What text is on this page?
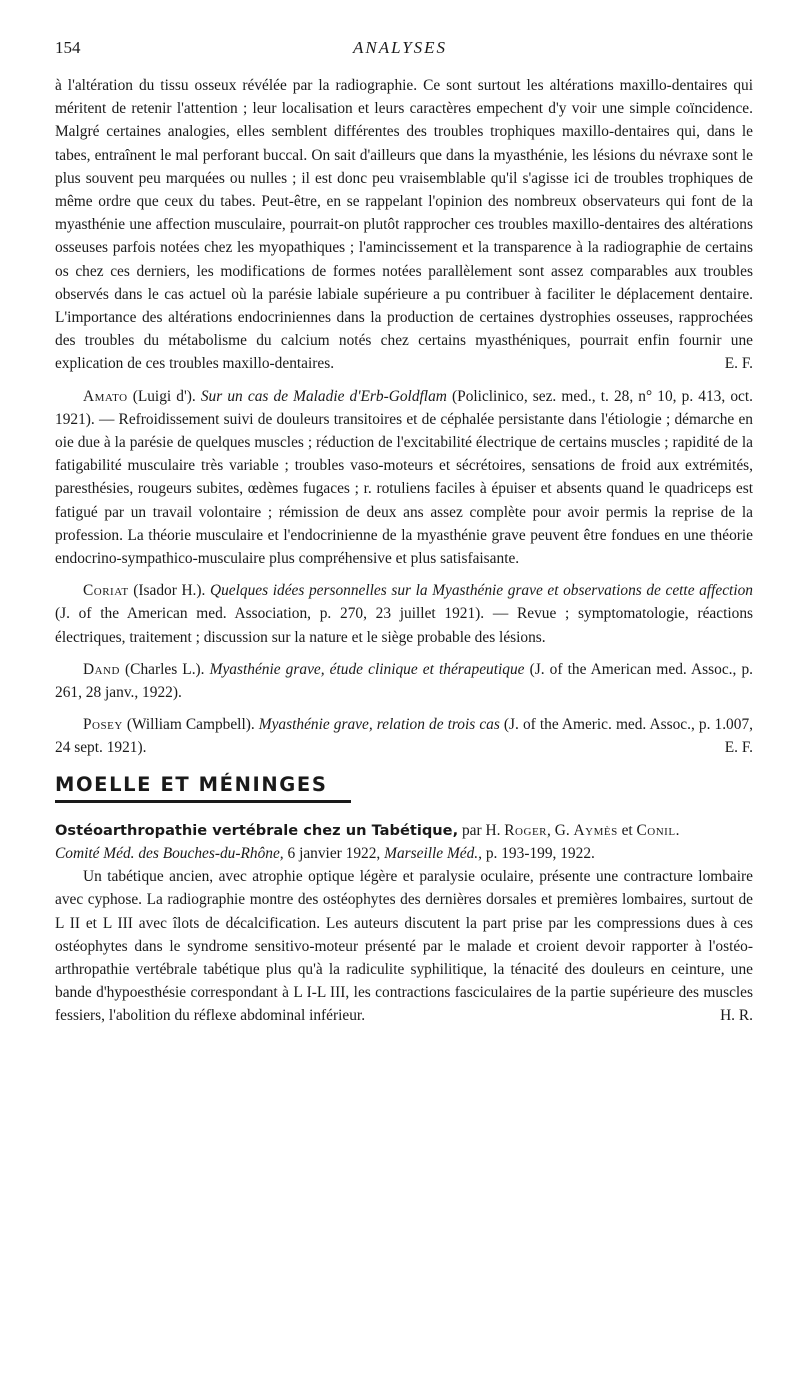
154	ANALYSES

à l'altération du tissu osseux révélée par la radiographie. Ce sont surtout les altérations maxillo-dentaires qui méritent de retenir l'attention ; leur localisation et leurs caractères empechent d'y voir une simple coïncidence. Malgré certaines analogies, elles semblent différentes des troubles trophiques maxillo-dentaires qui, dans le tabes, entraînent le mal perforant buccal. On sait d'ailleurs que dans la myasthénie, les lésions du névraxe sont le plus souvent peu marquées ou nulles ; il est donc peu vraisemblable qu'il s'agisse ici de troubles trophiques de même ordre que ceux du tabes. Peut-être, en se rappelant l'opinion des nombreux observateurs qui font de la myasthénie une affection musculaire, pourrait-on plutôt rapprocher ces troubles maxillo-dentaires des altérations osseuses parfois notées chez les myopathiques ; l'amincissement et la transparence à la radiographie de certains os chez ces derniers, les modifications de formes notées parallèlement sont assez comparables aux troubles observés dans le cas actuel où la parésie labiale supérieure a pu contribuer à faciliter le déplacement dentaire. L'importance des altérations endocriniennes dans la production de certaines dystrophies osseuses, rapprochées des troubles du métabolisme du calcium notés chez certains myasthéniques, pourrait enfin fournir une explication de ces troubles maxillo-dentaires.	E. F.

Amato (Luigi d'). Sur un cas de Maladie d'Erb-Goldflam (Policlinico, sez. med., t. 28, n° 10, p. 413, oct. 1921). — Refroidissement suivi de douleurs transitoires et de céphalée persistante dans l'étiologie ; démarche en oie due à la parésie de quelques muscles ; réduction de l'excitabilité électrique de certains muscles ; rapidité de la fatigabilité musculaire très variable ; troubles vaso-moteurs et sécrétoires, sensations de froid aux extrémités, paresthésies, rougeurs subites, œdèmes fugaces ; r. rotuliens faciles à épuiser et absents quand le quadriceps est fatigué par un travail volontaire ; rémission de deux ans assez complète pour avoir permis la reprise de la profession. La théorie musculaire et l'endocrinienne de la myasthénie grave peuvent être fondues en une théorie endocrino-sympathico-musculaire plus compréhensive et plus satisfaisante.

Coriat (Isador H.). Quelques idées personnelles sur la Myasthénie grave et observations de cette affection (J. of the American med. Association, p. 270, 23 juillet 1921). — Revue ; symptomatologie, réactions électriques, traitement ; discussion sur la nature et le siège probable des lésions.

Dand (Charles L.). Myasthénie grave, étude clinique et thérapeutique (J. of the American med. Assoc., p. 261, 28 janv., 1922).

Posey (William Campbell). Myasthénie grave, relation de trois cas (J. of the Americ. med. Assoc., p. 1.007, 24 sept. 1921).	E. F.

MOELLE ET MÉNINGES

Ostéoarthropathie vertébrale chez un Tabétique, par H. Roger, G. Aymès et Conil.
Comité Méd. des Bouches-du-Rhône, 6 janvier 1922, Marseille Méd., p. 193-199, 1922.

Un tabétique ancien, avec atrophie optique légère et paralysie oculaire, présente une contracture lombaire avec cyphose. La radiographie montre des ostéophytes des dernières dorsales et premières lombaires, surtout de L II et L III avec îlots de décalcification. Les auteurs discutent la part prise par les compressions dues à ces ostéophytes dans le syndrome sensitivo-moteur présenté par le malade et croient devoir rapporter à l'ostéo-arthropathie vertébrale tabétique plus qu'à la radiculite syphilitique, la ténacité des douleurs en ceinture, une bande d'hypoesthésie correspondant à L I-L III, les contractions fasciculaires de la partie supérieure des muscles fessiers, l'abolition du réflexe abdominal inférieur.	H. R.
